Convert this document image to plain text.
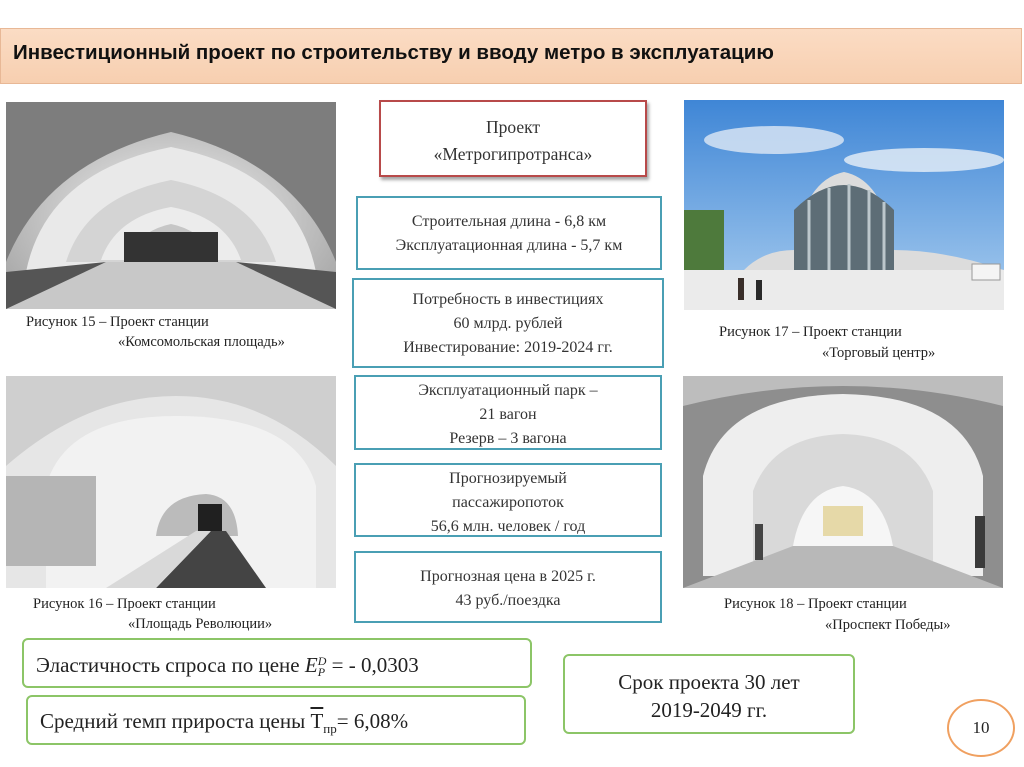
Инвестиционный проект по строительству и вводу метро в эксплуатацию
Рисунок 15 – Проект станции
«Комсомольская площадь»
Рисунок 16 – Проект станции
«Площадь Революции»
Рисунок 17 – Проект станции
«Торговый центр»
Рисунок 18 – Проект станции
«Проспект Победы»
Проект
«Метрогипротранса»
Строительная длина - 6,8 км
Эксплуатационная длина - 5,7 км
Потребность в инвестициях
60 млрд. рублей
Инвестирование: 2019-2024 гг.
Эксплуатационный парк –
21 вагон
Резерв – 3 вагона
Прогнозируемый
пассажиропоток
56,6 млн. человек / год
Прогнозная цена в 2025 г.
43 руб./поездка
Эластичность спроса по цене E D
P = - 0,0303
Средний темп прироста цены $\overline{T}_{пр}= 6,08\%$
Срок проекта 30 лет
2019-2049 гг.
10
